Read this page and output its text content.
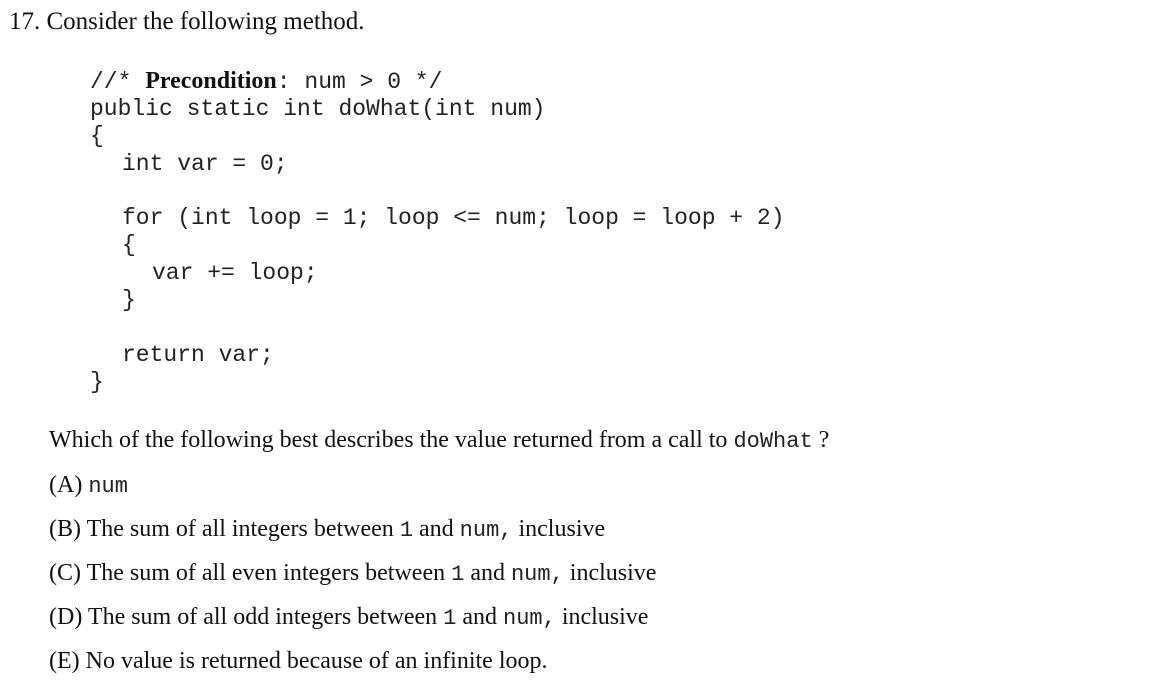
17. Consider the following method.

//* Precondition: num > 0 */

public static int doWhat(int num)

{

int var = 0;

for (int loop = 1; loop <= num; loop = loop + 2)

{

var += loop;

}

return var;

}

Which of the following best describes the value returned from a call to doWhat ?
(A) num
(B) The sum of all integers between 1 and num, inclusive
(C) The sum of all even integers between 1 and num, inclusive
(D) The sum of all odd integers between 1 and num, inclusive
(E) No value is returned because of an infinite loop.
